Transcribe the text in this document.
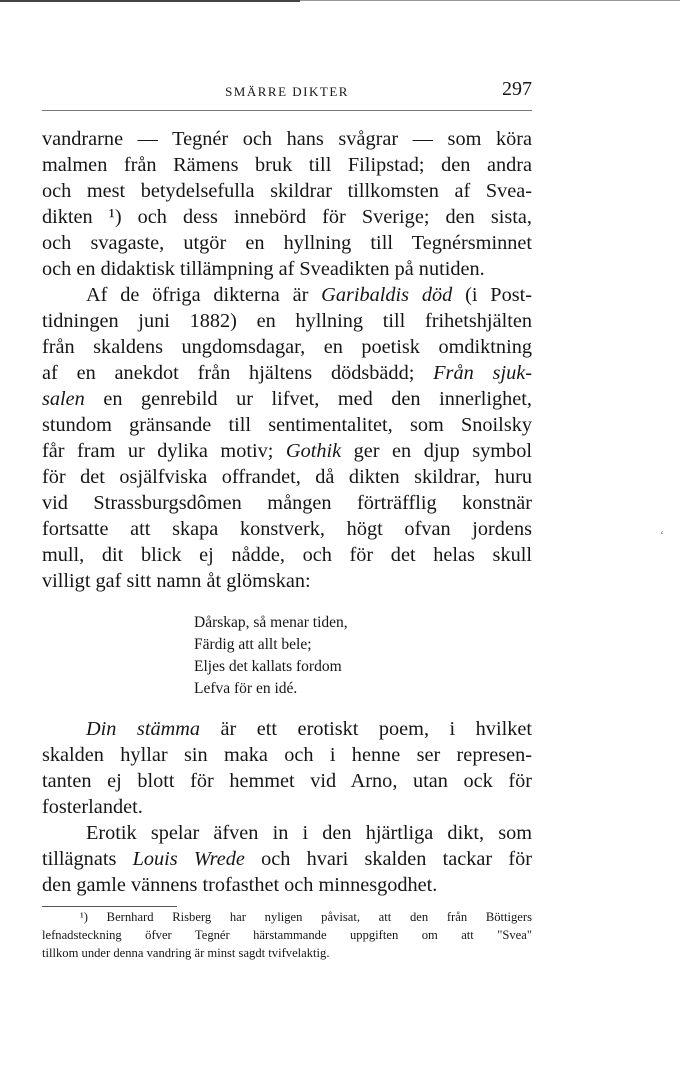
SMÄRRE DIKTER	297
vandrarne — Tegnér och hans svågrar — som köra
malmen från Rämens bruk till Filipstad; den andra
och mest betydelsefulla skildrar tillkomsten af Svea-
dikten ¹) och dess innebörd för Sverige; den sista,
och svagaste, utgör en hyllning till Tegnérsminnet
och en didaktisk tillämpning af Sveadikten på nutiden.
Af de öfriga dikterna är Garibaldis död (i Post-
tidningen juni 1882) en hyllning till frihetshjälten
från skaldens ungdomsdagar, en poetisk omdiktning
af en anekdot från hjältens dödsbädd; Från sjuk-
salen en genrebild ur lifvet, med den innerlighet,
stundom gränsande till sentimentalitet, som Snoilsky
får fram ur dylika motiv; Gothik ger en djup symbol
för det osjälfviska offrandet, då dikten skildrar, huru
vid Strassburgsdômen mången förträfflig konstnär
fortsatte att skapa konstverk, högt ofvan jordens
mull, dit blick ej nådde, och för det helas skull
villigt gaf sitt namn åt glömskan:
Dårskap, så menar tiden,
Färdig att allt bele;
Eljes det kallats fordom
Lefva för en idé.
Din stämma är ett erotiskt poem, i hvilket
skalden hyllar sin maka och i henne ser represen-
tanten ej blott för hemmet vid Arno, utan ock för
fosterlandet.
Erotik spelar äfven in i den hjärtliga dikt, som
tillägnats Louis Wrede och hvari skalden tackar för
den gamle vännens trofasthet och minnesgodhet.
¹) Bernhard Risberg har nyligen påvisat, att den från Böttigers
lefnadsteckning öfver Tegnér härstammande uppgiften om att "Svea"
tillkom under denna vandring är minst sagdt tvifvelaktig.
ʻ
